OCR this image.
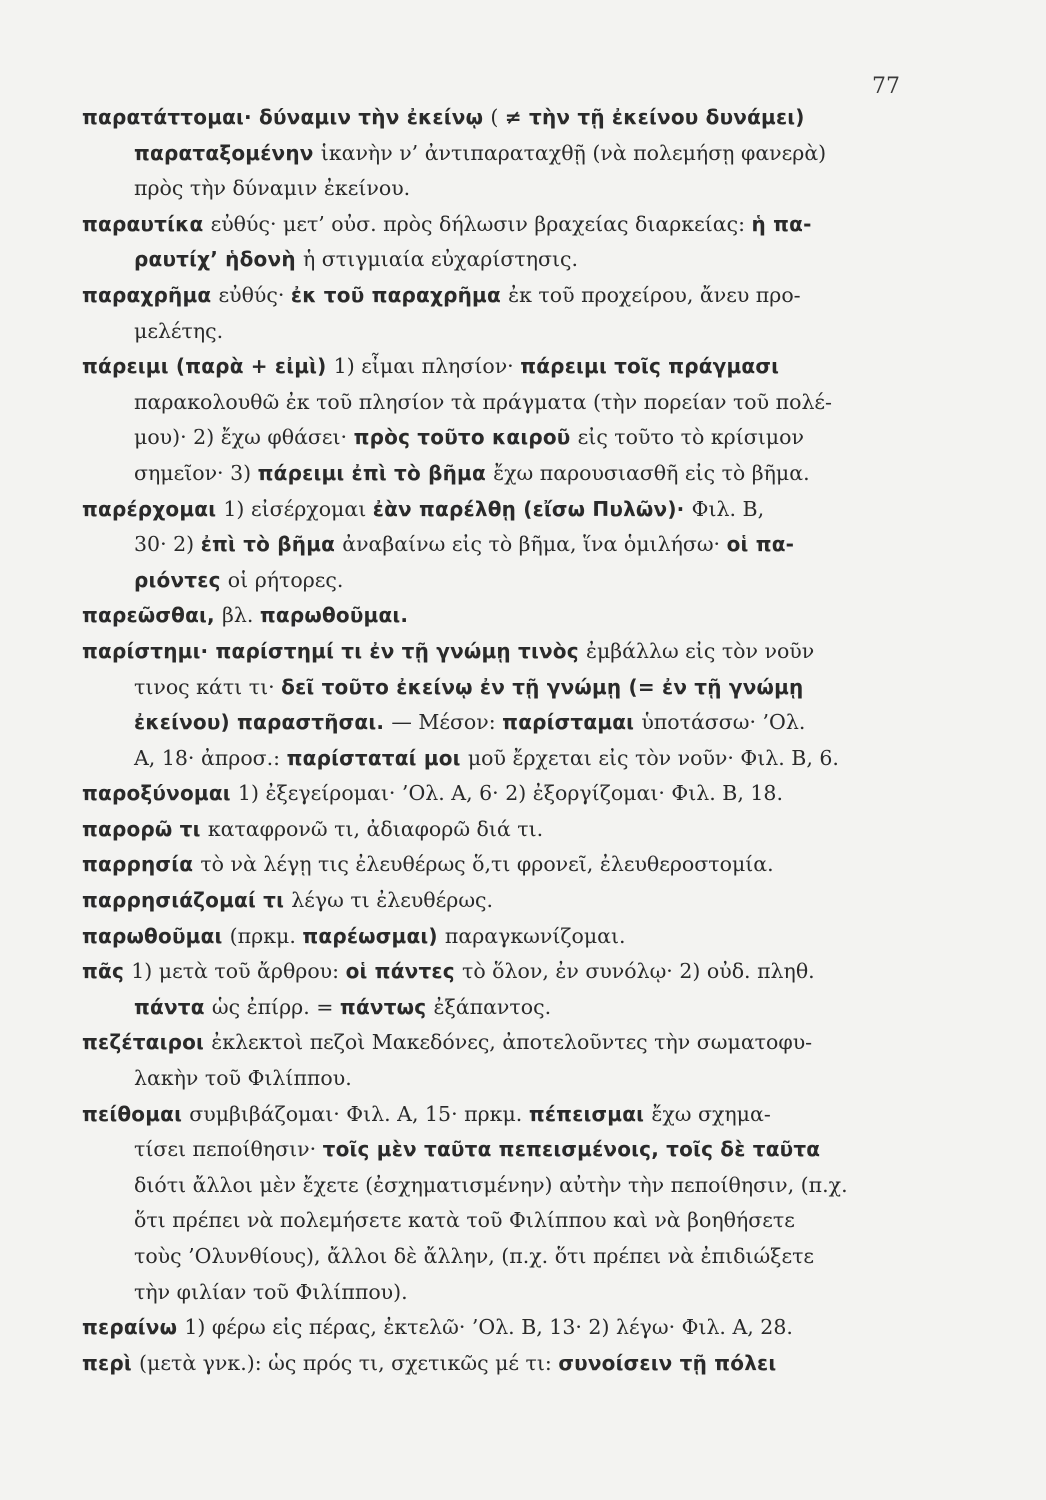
77
παρατάττομαι· δύναμιν τὴν ἐκείνῳ ( ≠ τὴν τῇ ἐκείνου δυνάμει)
παραταξομένην ἱκανὴν ν’ ἀντιπαραταχθῇ (νὰ πολεμήσῃ φανερὰ)
πρὸς τὴν δύναμιν ἐκείνου.
παραυτίκα εὐθύς· μετ’ οὐσ. πρὸς δήλωσιν βραχείας διαρκείας: ἡ πα-
ραυτίχ’ ἡδονὴ ἡ στιγμιαία εὐχαρίστησις.
παραχρῆμα εὐθύς· ἐκ τοῦ παραχρῆμα ἐκ τοῦ προχείρου, ἄνευ προ-
μελέτης.
πάρειμι (παρὰ + εἰμὶ) 1) εἶμαι πλησίον· πάρειμι τοῖς πράγμασι
παρακολουθῶ ἐκ τοῦ πλησίον τὰ πράγματα (τὴν πορείαν τοῦ πολέ-
μου)· 2) ἔχω φθάσει· πρὸς τοῦτο καιροῦ εἰς τοῦτο τὸ κρίσιμον
σημεῖον· 3) πάρειμι ἐπὶ τὸ βῆμα ἔχω παρουσιασθῆ εἰς τὸ βῆμα.
παρέρχομαι 1) εἰσέρχομαι ἐὰν παρέλθῃ (εἴσω Πυλῶν)· Φιλ. Β,
30· 2) ἐπὶ τὸ βῆμα ἀναβαίνω εἰς τὸ βῆμα, ἵνα ὁμιλήσω· οἱ πα-
ριόντες οἱ ρήτορες.
παρεῶσθαι, βλ. παρωθοῦμαι.
παρίστημι· παρίστημί τι ἐν τῇ γνώμῃ τινὸς ἐμβάλλω εἰς τὸν νοῦν
τινος κάτι τι· δεῖ τοῦτο ἐκείνῳ ἐν τῇ γνώμῃ (= ἐν τῇ γνώμῃ
ἐκείνου) παραστῆσαι. — Μέσον: παρίσταμαι ὑποτάσσω· ’Ολ.
Α, 18· ἀπροσ.: παρίσταταί μοι μοῦ ἔρχεται εἰς τὸν νοῦν· Φιλ. Β, 6.
παροξύνομαι 1) ἐξεγείρομαι· ’Ολ. Α, 6· 2) ἐξοργίζομαι· Φιλ. Β, 18.
παρορῶ τι καταφρονῶ τι, ἀδιαφορῶ διά τι.
παρρησία τὸ νὰ λέγῃ τις ἐλευθέρως ὅ,τι φρονεῖ, ἐλευθεροστομία.
παρρησιάζομαί τι λέγω τι ἐλευθέρως.
παρωθοῦμαι (πρκμ. παρέωσμαι) παραγκωνίζομαι.
πᾶς 1) μετὰ τοῦ ἄρθρου: οἱ πάντες τὸ ὅλον, ἐν συνόλῳ· 2) οὐδ. πληθ.
πάντα ὡς ἐπίρρ. = πάντως ἐξάπαντος.
πεζέταιροι ἐκλεκτοὶ πεζοὶ Μακεδόνες, ἀποτελοῦντες τὴν σωματοφυ-
λακὴν τοῦ Φιλίππου.
πείθομαι συμβιβάζομαι· Φιλ. Α, 15· πρκμ. πέπεισμαι ἔχω σχημα-
τίσει πεποίθησιν· τοῖς μὲν ταῦτα πεπεισμένοις, τοῖς δὲ ταῦτα
διότι ἄλλοι μὲν ἔχετε (ἐσχηματισμένην) αὐτὴν τὴν πεποίθησιν, (π.χ.
ὅτι πρέπει νὰ πολεμήσετε κατὰ τοῦ Φιλίππου καὶ νὰ βοηθήσετε
τοὺς ’Ολυνθίους), ἄλλοι δὲ ἄλλην, (π.χ. ὅτι πρέπει νὰ ἐπιδιώξετε
τὴν φιλίαν τοῦ Φιλίππου).
περαίνω 1) φέρω εἰς πέρας, ἐκτελῶ· ’Ολ. Β, 13· 2) λέγω· Φιλ. Α, 28.
περὶ (μετὰ γνκ.): ὡς πρός τι, σχετικῶς μέ τι: συνοίσειν τῇ πόλει
